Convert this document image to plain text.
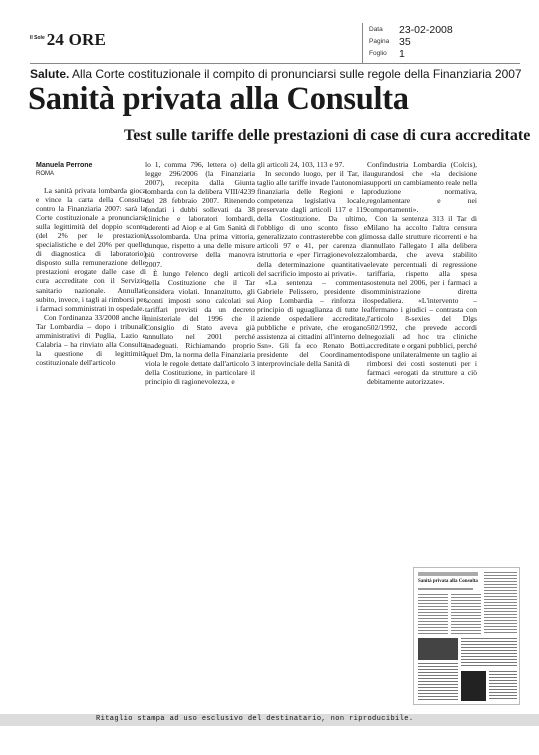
Il Sole 24 ORE
Data	23-02-2008
Pagina 35
Foglio	1
Salute. Alla Corte costituzionale il compito di pronunciarsi sulle regole della Finanziaria 2007
Sanità privata alla Consulta
Test sulle tariffe delle prestazioni di case di cura accreditate
Manuela Perrone
ROMA

La sanità privata lombarda gioca e vince la carta della Consulta contro la Finanziaria 2007: sarà la Corte costituzionale a pronunciarsi sulla legittimità del doppio sconto (del 2% per le prestazioni specialistiche e del 20% per quelle di diagnostica di laboratorio) disposto sulla remunerazione delle prestazioni erogate dalle case di cura accreditate con il Servizio sanitario nazionale. Annullati subito, invece, i tagli ai rimborsi per i farmaci somministrati in ospedale.

Con l'ordinanza 33/2008 anche il Tar Lombardia – dopo i tribunali amministrativi di Puglia, Lazio e Calabria – ha rinviato alla Consulta la questione di legittimità costituzionale dell'articolo

lo 1, comma 796, lettera o) della legge 296/2006 (la Finanziaria 2007), recepita dalla Giunta lombarda con la delibera VIII/4239 del 28 febbraio 2007. Ritenendo fondati i dubbi sollevati da 38 cliniche e laboratori lombardi, aderenti ad Aiop e al Gm Sanità di Assolombarda. Una prima vittoria, dunque, rispetto a una delle misure più controverse della manovra 2007.

È lungo l'elenco degli articoli della Costituzione che il Tar considera violati. Innanzitutto, gli sconti imposti sono calcolati sui tariffari previsti da un decreto ministeriale del 1996 che il Consiglio di Stato aveva già annullato nel 2001 perché inadeguati. Richiamando proprio quel Dm, la norma della Finanziaria viola le regole dettate dall'articolo 3 della Costituzione, in particolare il principio di ragionevolezza, e

gli articoli 24, 103, 113 e 97.

In secondo luogo, per il Tar, il taglio alle tariffe invade l'autonomia finanziaria delle Regioni e la competenza legislativa locale, preservate dagli articoli 117 e 119 della Costituzione. Da ultimo, l'obbligo di uno sconto fisso e generalizzato contrasterebbe con gli articoli 97 e 41, per carenza di istruttoria e «per l'irragionevolezza della determinazione quantitativa del sacrificio imposto ai privati».

«La sentenza – commenta Gabriele Pelissero, presidente di Aiop Lombardia – rinforza il principio di uguaglianza di tutte le aziende ospedaliere accreditate, pubbliche e private, che erogano assistenza ai cittadini all'interno del Ssn». Gli fa eco Renato Botti, presidente del Coordinamento interprovinciale della Sanità di

Confindustria Lombardia (Colcis), augurandosi che «la decisione supporti un cambiamento reale nella produzione normativa, regolamentare e nei comportamenti».

Con la sentenza 313 il Tar di Milano ha accolto l'altra censura mossa dalle strutture ricorrenti e ha annullato l'allegato I alla delibera lombarda, che aveva stabilito elevate percentuali di regressione tariffaria, rispetto alla spesa sostenuta nel 2006, per i farmaci a somministrazione diretta ospedaliera. «L'intervento – affermano i giudici – contrasta con l'articolo 8-sexies del Dlgs 502/1992, che prevede accordi negoziali ad hoc tra cliniche accreditate e organi pubblici, perché dispone unilateralmente un taglio ai rimborsi dei costi sostenuti per i farmaci «erogati da strutture a ciò debitamente autorizzate».

Sanità privata alla Consulta
Ritaglio stampa ad uso esclusivo del destinatario, non riproducibile.
